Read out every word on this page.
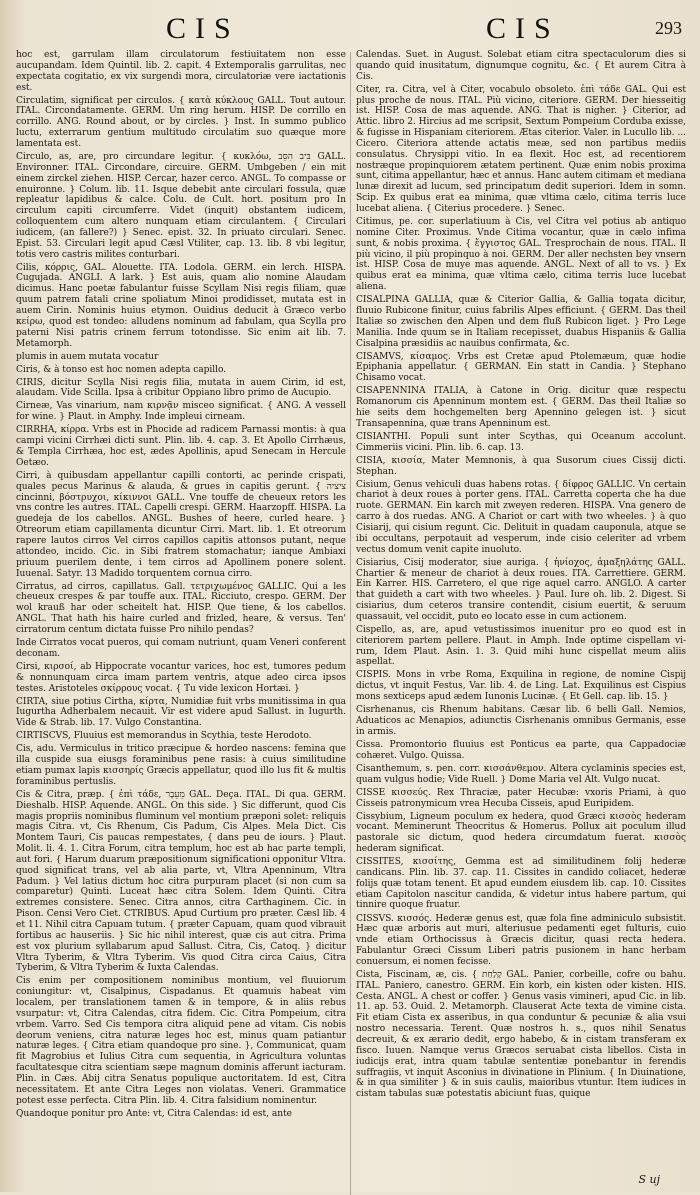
CIS	CIS	293

hoc est, garrulam illam circulatorum festiuitatem non esse aucupandam. Idem Quintil. lib. 2. capit. 4 Extemporalis garrulitas, nec expectata cogitatio, ex vix surgendi mora, circulatoriæ vere iactationis est.

Circulatim, significat per circulos. { κατὰ κύκλους GALL. Tout autour. ITAL. Circondatamente. GERM. Um ring herum. HISP. De corrillo en corrillo. ANG. Round about, or by circles. } Inst. In summo publico luctu, exterrarum gentium multitudo circulatim suo quæque more lamentata est.

Circulo, as, are, pro circundare legitur. { κυκλόω, בִּיב הִסֵּב GALL. Environner. ITAL. Circondare, circuire. GERM. Umbgeben / ein mit einem zirckel ziehen. HISP. Cercar, hazer cerco. ANGL. To compasse or enuironne. } Colum. lib. 11. Isque debebit ante circulari fossula, quæ repleatur lapidibus & calce. Colu. de Cult. hort. positum pro In circulum capiti circumferre. Videt (inquit) obstantem iudicem, colloquentem cum altero nunquam etiam circulantem. { Circulari iudicem, (an fallere?) } Senec. epist. 32. In priuato circulari. Senec. Epist. 53. Circulari legit apud Cæsl Vtiliter, cap. 13. lib. 8 vbi legitur, totis vero castris milites conturbari.

Cilis, κόρρις, GAL. Alouette. ITA. Lodola. GERM. ein lerch. HISPA. Cugujada. ANGLI. A lark. } Est auis, quam alio nomine Alaudam dicimus. Hanc poetæ fabulantur fuisse Scyllam Nisi regis filiam, quæ quum patrem fatali crine spoliatum Minoi prodidisset, mutata est in auem Cirin. Nominis huius etymon. Ouidius deducit à Græco verbo κείρω, quod est tondeo: alludens nominum ad fabulam, qua Scylla pro paterni Nisi patris crinem ferrum totondisse. Sic enim ait lib. 7. Metamorph.

plumis in auem mutata vocatur

Ciris, & à tonso est hoc nomen adepta capillo.

CIRIS, dicitur Scylla Nisi regis filia, mutata in auem Cirim, id est, alaudam. Vide Scilla. Ipsa à cribitur Oppiano libro primo de Aucupio.

Cirneæ, Vas vinarium, nam κιρνᾷν misceo significat. { ANG. A vessell for wine. } Plaut. in Amphy. Inde impleui cirneam.

CIRRHA, κίρρα. Vrbs est in Phocide ad radicem Parnassi montis: à qua campi vicini Cirrhæi dicti sunt. Plin. lib. 4. cap. 3. Et Apollo Cirrhæus, & Templa Cirrhæa, hoc est, ædes Apollinis, apud Senecam in Hercule Oetæo.

Cirri, à quibusdam appellantur capilli contorti, ac perinde crispati, quales pecus Marinus & alauda, & grues in capitis gerunt. { ציציה cincinni, βόστρυχοι, κίκιννοι GALL. Vne touffe de cheueux retors les vns contre les autres. ITAL. Capelli crespi. GERM. Haarzopff. HISPA. La guedeja de los cabellos. ANGL. Bushes of heere, curled heare. } Otreorum etiam capillamenta dicuntur Cirri. Mart. lib. 1. Et otreorum rapere lautos cirros Vel cirros capillos capitis attonsos putant, neque attondeo, incido. Cic. in Sibi fratrem stomachatur; ianque Ambiaxi priuum puerilem dente, i tem cirros ad Apollinem ponere solent. Iuuenal. Satyr. 13 Madido torquentem cornua cirro.

Cirratus, ad cirros, capillatus. Gall. τετριχωμένος GALLIC. Qui a les cheueux crespes & par touffe aux. ITAL. Ricciuto, crespo. GERM. Der wol krauß har oder scheitelt hat. HISP. Que tiene, & los cabellos. ANGL. That hath his haire curled and frizled, heare, & versus. Ten' cirratorum centum dictata fuisse Pro nihilo pendas?

Inde Cirratos vocat pueros, qui comam nutriunt, quam Veneri conferent deconam.

Cirsi, κιρσοί, ab Hippocrate vocantur varices, hoc est, tumores pedum & nonnunquam circa imam partem ventris, atque adeo circa ipsos testes. Aristoteles σκίρρους vocat. { Tu vide lexicon Hortæi. }

CIRTA, siue potius Cirtha, κίρτα, Numidiæ fuit vrbs munitissima in qua Iugurtha Adherbalem necauit. Vir est videre apud Sallust. in Iugurth. Vide & Strab. lib. 17. Vulgo Constantina.

CIRTISCVS, Fluuius est memorandus in Scythia, teste Herodoto.

Cis, adu. Vermiculus in tritico præcipue & hordeo nascens: femina que illa cuspide sua eiusgs foraminibus pene rasis: à cuius similitudine etiam pumax lapis κισσηρίς Græcis appellatur, quod illo lus fit & multis foraminibus pertuslis.

Cis & Citra, præp. { ἐπὶ τάδε, מֵעֵבֶר GAL. Deça. ITAL. Di qua. GERM. Dieshalb. HISP. Aquende. ANGL. On this side. } Sic differunt, quod Cis magis propriis nominibus fluminum vel montium præponi solet: reliquis magis Citra. vt, Cis Rhenum, Cis Padum, Cis Alpes. Mela Dict. Cis Montem Tauri, Cis paucas rempestates, { dans peu de iours. } Plaut. Molit. li. 4. 1. Citra Forum, citra templum, hoc est ab hac parte templi, aut fori. { Harum duarum præpositionum significationi opponitur Vltra. quod significat trans, vel ab alia parte, vt, Vltra Apenninum, Vltra Padum. } Vel latius dictum hoc citra purpuram placet (si non cum sa comparetur) Quinti. Luceat hæc citra Solem. Idem Quinti. Citra extremes consistere. Senec. Citra annos, citra Carthaginem. Cic. in Pison. Censi Vero Ciet. CTRIBUS. Apud Curtium pro præter. Cæsl lib. 4 et 11. Nihil citra Capuam tutum. { præter Capuam, quam quod vibrauit fortibus ac hauseriis. } Sic hic nihil interest, quæ cis aut citra. Prima est vox plurium syllabarum apud Sallust. Citra, Cis, Catoq. } dicitur Vltra Tyberim, & Vltra Tyberim. Vis quod Citra circa Caius, Citra Tyberim, & Vltra Tyberim & Iuxta Calendas.

Cis enim per compositionem nominibus montium, vel fluuiorum coniungitur: vt, Cisalpinus, Cispadanus. Et quamuis habeat vim localem, per translationem tamen & in tempore, & in aliis rebus vsurpatur: vt, Citra Calendas, citra fidem. Cic. Citra Pompeium, citra vrbem. Varro. Sed Cis tempora citra aliquid pene ad vitam. Cis nobis deorum veniens, citra naturæ leges hoc est, minus quam patiantur naturæ leges. { Citra etiam quandoque pro sine. }, Communicat, quam fit Magrobius et Iulius Citra cum sequentia, in Agricultura voluntas facultatesque citra scientiam sæpe magnum dominis afferunt iacturam. Plin. in Cæs. Abij citra Senatus populique auctoritatem. Id est, Citra necessitatem. Et ante Citra Leges non violatas. Veneri. Grammatice potest esse perfecta. Citra Plin. lib. 4. Citra falsidium nominentur.

Quandoque ponitur pro Ante: vt, Citra Calendas: id est, ante

Calendas. Suet. in August. Solebat etiam citra spectaculorum dies si quando quid inusitatum, dignumque cognitu, &c. { Et aurem Citra à Cis.

Citer, ra. Citra, vel à Citer, vocabulo obsoleto. ἐπὶ τάδε GAL. Qui est plus proche de nous. ITAL. Più vicino, citeriore. GERM. Der hiesseitig ist. HISP. Cosa de mas aquende. ANG. That is nigher. } Citerior, ad Attic. libro 2. Hircius ad me scripsit, Sextum Pompeium Corduba exisse, & fugisse in Hispaniam citeriorem. Ætas citerior. Valer. in Lucullo lib. ... Cicero. Citeriora attende actatis meæ, sed non partibus mediis consulatus. Chrysippi vitio. In ea flexit. Hoc est, ad recentiorem nostræque propinquiorem ætatem pertinent. Quæ enim nobis proxima sunt, citima appellantur, hæc et annus. Hanc autem citimam et mediana lunæ direxit ad lucum, sed principatum dedit superiori. Idem in somn. Scip. Ex quibus erat ea minima, quæ vltima cælo, citima terris luce lucebat aliena. { Citerius procedere. } Senec.

Citimus, pe. cor. superlatiuum à Cis, vel Citra vel potius ab antiquo nomine Citer. Proximus. Vnde Citima vocantur, quæ in cælo infima sunt, & nobis proxima. { ἔγγιστος GAL. Tresprochain de nous. ITAL. Il più vicino, il più propinquo à noi. GERM. Der aller nechsten bey vnsern ist. HISP. Cosa de muye mas aquende. ANGL. Next of all to vs. } Ex quibus erat ea minima, quæ vltima cælo, citima terris luce lucebat aliena.

CISALPINA GALLIA, quæ & Citerior Gallia, & Gallia togata dicitur, fluuio Rubicone finitur, cuius fabrilis Alpes efficiunt. { GERM. Das theil Italiæ so zwischen den Alpen und dem fluß Rubicon liget. } Pro Lege Manilia. Inde quum se in Italiam recepisset, duabus Hispaniis & Gallia Cisalpina præsidiis ac nauibus confirmata, &c.

CISAMVS, κίσαμος. Vrbs est Cretæ apud Ptolemæum, quæ hodie Epiphania appellatur. { GERMAN. Ein statt in Candia. } Stephano Chisamo vocat.

CISAPENNINA ITALIA, à Catone in Orig. dicitur quæ respectu Romanorum cis Apenninum montem est. { GERM. Das theil Italiæ so hie seits dem hochgemelten berg Apennino gelegen ist. } sicut Transapennina, quæ trans Apenninum est.

CISIANTHI. Populi sunt inter Scythas, qui Oceanum accolunt. Cimmeriis vicini. Plin. lib. 6. cap. 13.

CISIA, κισσία, Mater Memnonis, à qua Susorum ciues Cissij dicti. Stephan.

Cisium, Genus vehiculi duas habens rotas. { δίφρος GALLIC. Vn certain chariot à deux roues à porter gens. ITAL. Carretta coperta che ha due ruote. GERMAN. Ein karch mit zweyen rederen. HISPA. Vna genero de carro à dos ruedas. ANG. A Chariot or cart with two wheeles. } à quo Cisiarij, qui cisium regunt. Cic. Delituit in quadam cauponula, atque se ibi occultans, perpotauit ad vesperum, inde cisio celeriter ad vrbem vectus domum venit capite inuoluto.

Cisiarius, Cisij moderator, siue auriga. { ἡνίοχος, ἁμαξηλάτης GALL. Chartier & meneur de chariot à deux roues. ITA. Carrettiere. GERM. Ein Karrer. HIS. Carretero, el que rige aquel carro. ANGLO. A carter that guideth a cart with two wheeles. } Paul. Iure oh. lib. 2. Digest. Si cisiarius, dum ceteros transire contendit, cisium euertit, & seruum quassauit, vel occidit, puto eo locato esse in cum actionem.

Cispello, as, are, apud vetustissimos inuenitur pro eo quod est in citeriorem partem pellere. Plaut. in Amph. Inde optime cispellam vi-rum, Idem Plaut. Asin. 1. 3. Quid mihi hunc cispellat meum aliis aspellat.

CISPIS. Mons in vrbe Roma, Exquilina in regione, de nomine Cispij dictus, vt inquit Festus, Var. lib. 4. de Ling. Lat. Exquilinus est Cispius mons sexticeps apud ædem Iunonis Lucinæ. { Et Gell. cap. lib. 15. }

Cisrhenanus, cis Rhenum habitans. Cæsar lib. 6 belli Gall. Nemios, Aduaticos ac Menapios, adiunctis Cisrhenanis omnibus Germanis, esse in armis.

Cissa. Promontorio fluuius est Ponticus ea parte, qua Cappadociæ cohæret. Vulgo. Quissa.

Cisanthemum, s. pen. corr. κισσάνθεμον. Altera cyclaminis species est, quam vulgus hodie; Vide Ruell. } Dome Maria vel Alt. Vulgo nucat.

CISSE κισσεύς. Rex Thraciæ, pater Hecubæ: vxoris Priami, à quo Cisseis patronymicum vrea Hecuba Cisseis, apud Euripidem.

Cissybium, Ligneum poculum ex hedera, quod Græci κισσὸς hederam vocant. Meminerunt Theocritus & Homerus. Pollux ait poculum illud pastorale sic dictum, quod hedera circumdatum fuerat. κισσὸς hederam significat.

CISSITES, κισσίτης, Gemma est ad similitudinem folij hederæ candicans. Plin. lib. 37. cap. 11. Cissites in candido coliacet, hederæ folijs quæ totam tenent. Et apud eundem eiusdem lib. cap. 10. Cissites etiam Capitolon nascitur candida, & videtur intus habere partum, qui tinnire quoque fruatur.

CISSVS. κισσός. Hederæ genus est, quæ fola fine adminiculo subsistit. Hæc quæ arboris aut muri, alteriusue pedamenti eget fulturis, cuio vnde etiam Orthocissus à Græcis dicitur, quasi recta hedera. Fabulantur Græci Cissum Liberi patris pusionem in hanc herbam conuersum, ei nomen fecisse.

Cista, Fiscinam, æ, cis. { קַלַחַת GAL. Panier, corbeille, cofre ou bahu. ITAL. Paniero, canestro. GERM. Ein korb, ein kisten oder kisten. HIS. Cesta. ANGL. A chest or coffer. } Genus vasis vimineri, apud Cic. in lib. 11. ap. 53. Ouid. 2. Metamorph. Clauserat Acte texta de vimine cista. Fit etiam Cista ex asseribus, in qua conduntur & pecuniæ & alia vsui nostro necessaria. Terent. Quæ nostros h. s., quos nihil Senatus decreuit, & ex ærario dedit, ergo habebo, & in cistam transferam ex fisco. Iuuen. Namque verus Græcos seruabat cista libellos. Cista in iudicijs erat, intra quam tabulæ sententiæ ponebantur in ferendis suffragiis, vt inquit Asconius in divinatione in Plinium. { In Diuinatione, & in qua similiter } & in suis caulis, maioribus vtuntur. Item iudices in cistam tabulas suæ potestatis abiciunt fuas, quique

S uj
